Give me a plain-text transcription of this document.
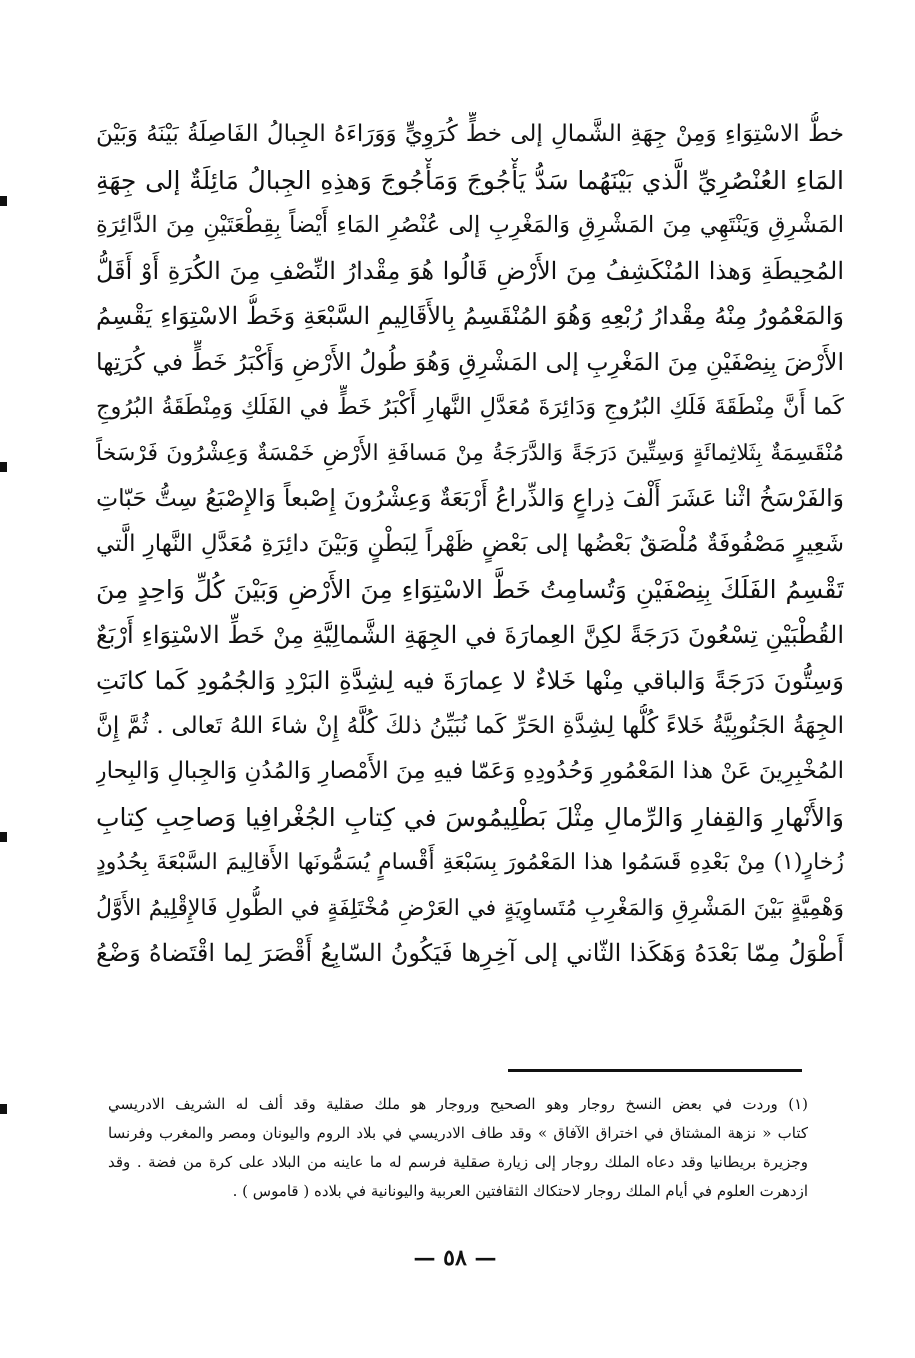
خطُّ الاسْتِوَاءِ وَمِنْ جِهَةِ الشَّمالِ إلى خطٍّ كُرَوِيٍّ وَوَرَاءَهُ الجِبالُ الفَاصِلَةُ بَيْنَهُ وَبَيْنَ
المَاءِ العُنْصُرِيِّ الَّذي بَيْنَهُما سَدُّ يَأْجُوجَ وَمَأْجُوجَ وَهذِهِ الجِبالُ مَائِلَةٌ إلى جِهَةِ
المَشْرِقِ وَيَنْتَهِي مِنَ المَشْرِقِ وَالمَغْرِبِ إلى عُنْصُرِ المَاءِ أَيْضاً بِقِطْعَتَيْنِ مِنَ الدَّائِرَةِ
المُحِيطَةِ وَهذا المُنْكَشِفُ مِنَ الأَرْضِ قَالُوا هُوَ مِقْدارُ النِّصْفِ مِنَ الكُرَةِ أَوْ أَقَلُّ
وَالمَعْمُورُ مِنْهُ مِقْدارُ رُبْعِهِ وَهُوَ المُنْقَسِمُ بِالأَقَالِيمِ السَّبْعَةِ وَخَطُّ الاسْتِوَاءِ يَقْسِمُ
الأَرْضَ بِنِصْفَيْنِ مِنَ المَغْرِبِ إلى المَشْرِقِ وَهُوَ طُولُ الأَرْضِ وَأَكْبَرُ خَطٍّ في كُرَتِها
كَما أَنَّ مِنْطَقَةَ فَلَكِ البُرُوجِ وَدَائِرَةَ مُعَدَّلِ النَّهارِ أَكْبَرُ خَطٍّ في الفَلَكِ وَمِنْطَقَةُ البُرُوجِ
مُنْقَسِمَةٌ بِثَلاثِمائَةٍ وَسِتِّينَ دَرَجَةً وَالدَّرَجَةُ مِنْ مَسافَةِ الأَرْضِ خَمْسَةٌ وَعِشْرُونَ فَرْسَخاً
وَالفَرْسَخُ اثْنا عَشَرَ أَلْفَ ذِراعٍ وَالذِّراعُ أَرْبَعَةٌ وَعِشْرُونَ إِصْبعاً وَالإِصْبَعُ سِتُّ حَبّاتِ
شَعِيرٍ مَصْفُوفَةٌ مُلْصَقٌ بَعْضُها إلى بَعْضٍ ظَهْراً لِبَطْنٍ وَبَيْنَ دائِرَةِ مُعَدَّلِ النَّهارِ الَّتي
تَقْسِمُ الفَلَكَ بِنِصْفَيْنِ وَتُسامِتُ خَطَّ الاسْتِوَاءِ مِنَ الأَرْضِ وَبَيْنَ كُلِّ وَاحِدٍ مِنَ
القُطْبَيْنِ تِسْعُونَ دَرَجَةً لكِنَّ العِمارَةَ في الجِهَةِ الشَّمالِيَّةِ مِنْ خَطِّ الاسْتِوَاءِ أَرْبَعٌ
وَسِتُّونَ دَرَجَةً وَالباقي مِنْها خَلاءٌ لا عِمارَةَ فيه لِشِدَّةِ البَرْدِ وَالجُمُودِ كَما كانَتِ
الجِهَةُ الجَنُوبِيَّةُ خَلاءً كُلُّها لِشِدَّةِ الحَرِّ كَما نُبَيِّنُ ذلكَ كُلَّهُ إِنْ شاءَ اللهُ تَعالى . ثُمَّ إِنَّ
المُخْبِرِينَ عَنْ هذا المَعْمُورِ وَحُدُودِهِ وَعَمّا فيهِ مِنَ الأَمْصارِ وَالمُدُنِ وَالجِبالِ وَالبِحارِ
وَالأَنْهارِ وَالقِفارِ وَالرِّمالِ مِثْلَ بَطْلِيمُوسَ في كِتابِ الجُغْرافِيا وَصاحِبِ كِتابِ
زُخارٍ(١) مِنْ بَعْدِهِ قَسَمُوا هذا المَعْمُورَ بِسَبْعَةِ أَقْسامٍ يُسَمُّونَها الأَقالِيمَ السَّبْعَةَ بِحُدُودٍ
وَهْمِيَّةٍ بَيْنَ المَشْرِقِ وَالمَغْرِبِ مُتَساوِيَةٍ في العَرْضِ مُخْتَلِفَةٍ في الطُّولِ فَالإِقْلِيمُ الأَوَّلُ
أَطْوَلُ مِمّا بَعْدَهُ وَهَكَذا الثّاني إلى آخِرِها فَيَكُونُ السّابِعُ أَقْصَرَ لِما اقْتَضاهُ وَضْعُ
(١) وردت في بعض النسخ روجار وهو الصحيح وروجار هو ملك صقلية وقد ألف له الشريف الادريسي
كتاب « نزهة المشتاق في اختراق الآفاق » وقد طاف الادريسي في بلاد الروم واليونان ومصر والمغرب وفرنسا
وجزيرة بريطانيا وقد دعاه الملك روجار إلى زيارة صقلية فرسم له ما عاينه من البلاد على كرة من فضة . وقد
ازدهرت العلوم في أيام الملك روجار لاحتكاك الثقافتين العربية واليونانية في بلاده ( قاموس ) .
— ٥٨ —
